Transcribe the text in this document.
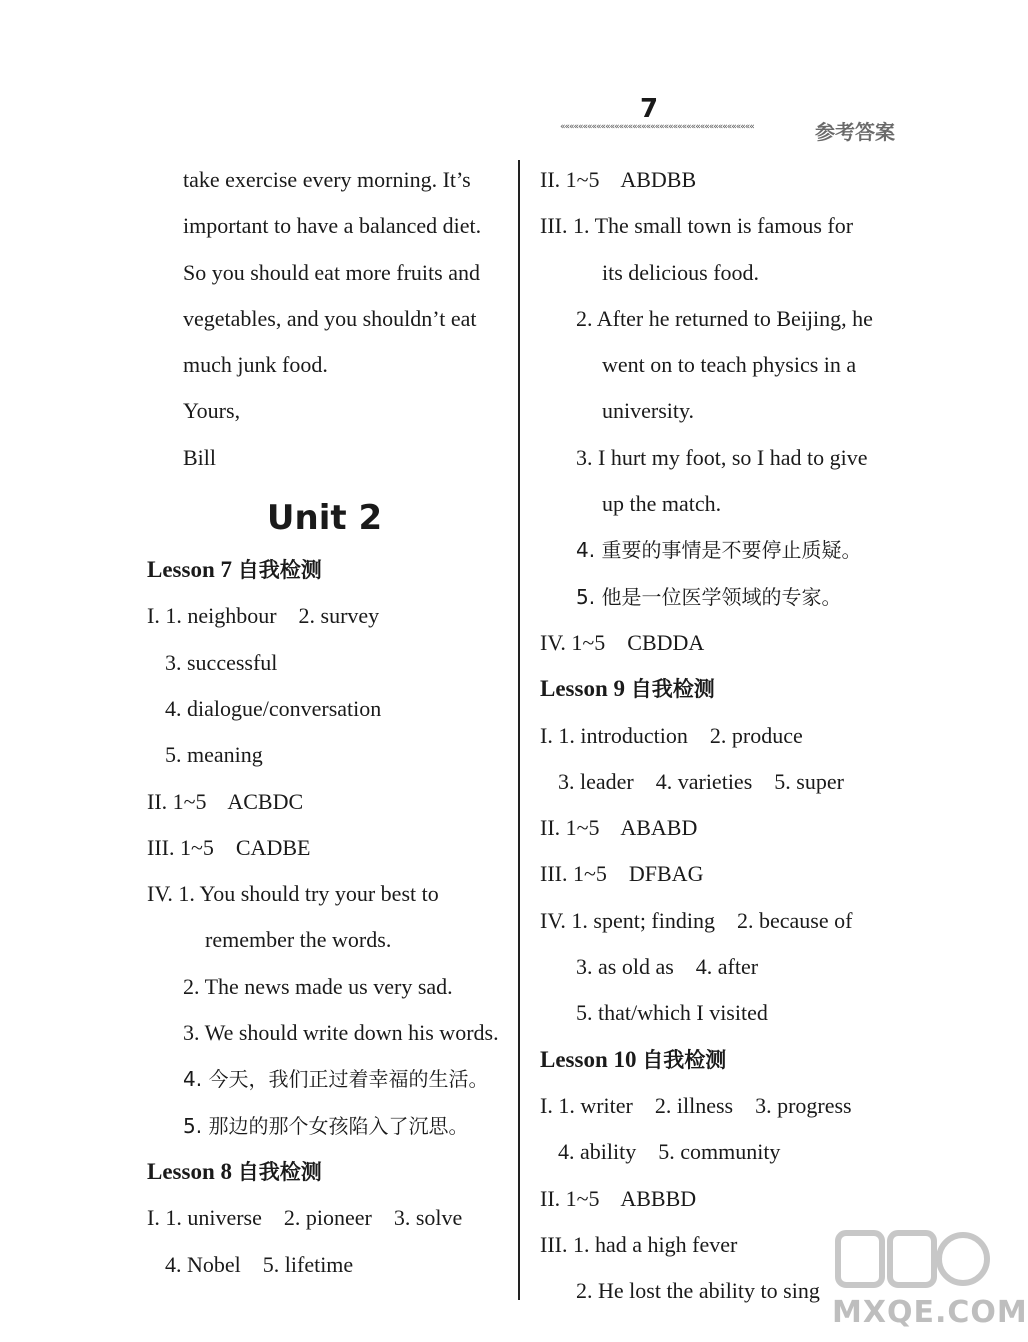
7
«««««««««««««««««««««««««««««««««««««««««««	参考答案
take exercise every morning. It’s
important to have a balanced diet.
So you should eat more fruits and
vegetables, and you shouldn’t eat
much junk food.
Yours,
Bill
Unit 2
Lesson 7 自我检测
I. 1. neighbour    2. survey
3. successful
4. dialogue/conversation
5. meaning
II. 1~5    ACBDC
III. 1~5    CADBE
IV. 1. You should try your best to
remember the words.
2. The news made us very sad.
3. We should write down his words.
4. 今天，我们正过着幸福的生活。
5. 那边的那个女孩陷入了沉思。
Lesson 8 自我检测
I. 1. universe    2. pioneer    3. solve
4. Nobel    5. lifetime
II. 1~5    ABDBB
III. 1. The small town is famous for
its delicious food.
2. After he returned to Beijing, he
went on to teach physics in a
university.
3. I hurt my foot, so I had to give
up the match.
4. 重要的事情是不要停止质疑。
5. 他是一位医学领域的专家。
IV. 1~5    CBDDA
Lesson 9 自我检测
I. 1. introduction    2. produce
3. leader    4. varieties    5. super
II. 1~5    ABABD
III. 1~5    DFBAG
IV. 1. spent; finding    2. because of
3. as old as    4. after
5. that/which I visited
Lesson 10 自我检测
I. 1. writer    2. illness    3. progress
4. ability    5. community
II. 1~5    ABBBD
III. 1. had a high fever
2. He lost the ability to sing
MXQE.COM
